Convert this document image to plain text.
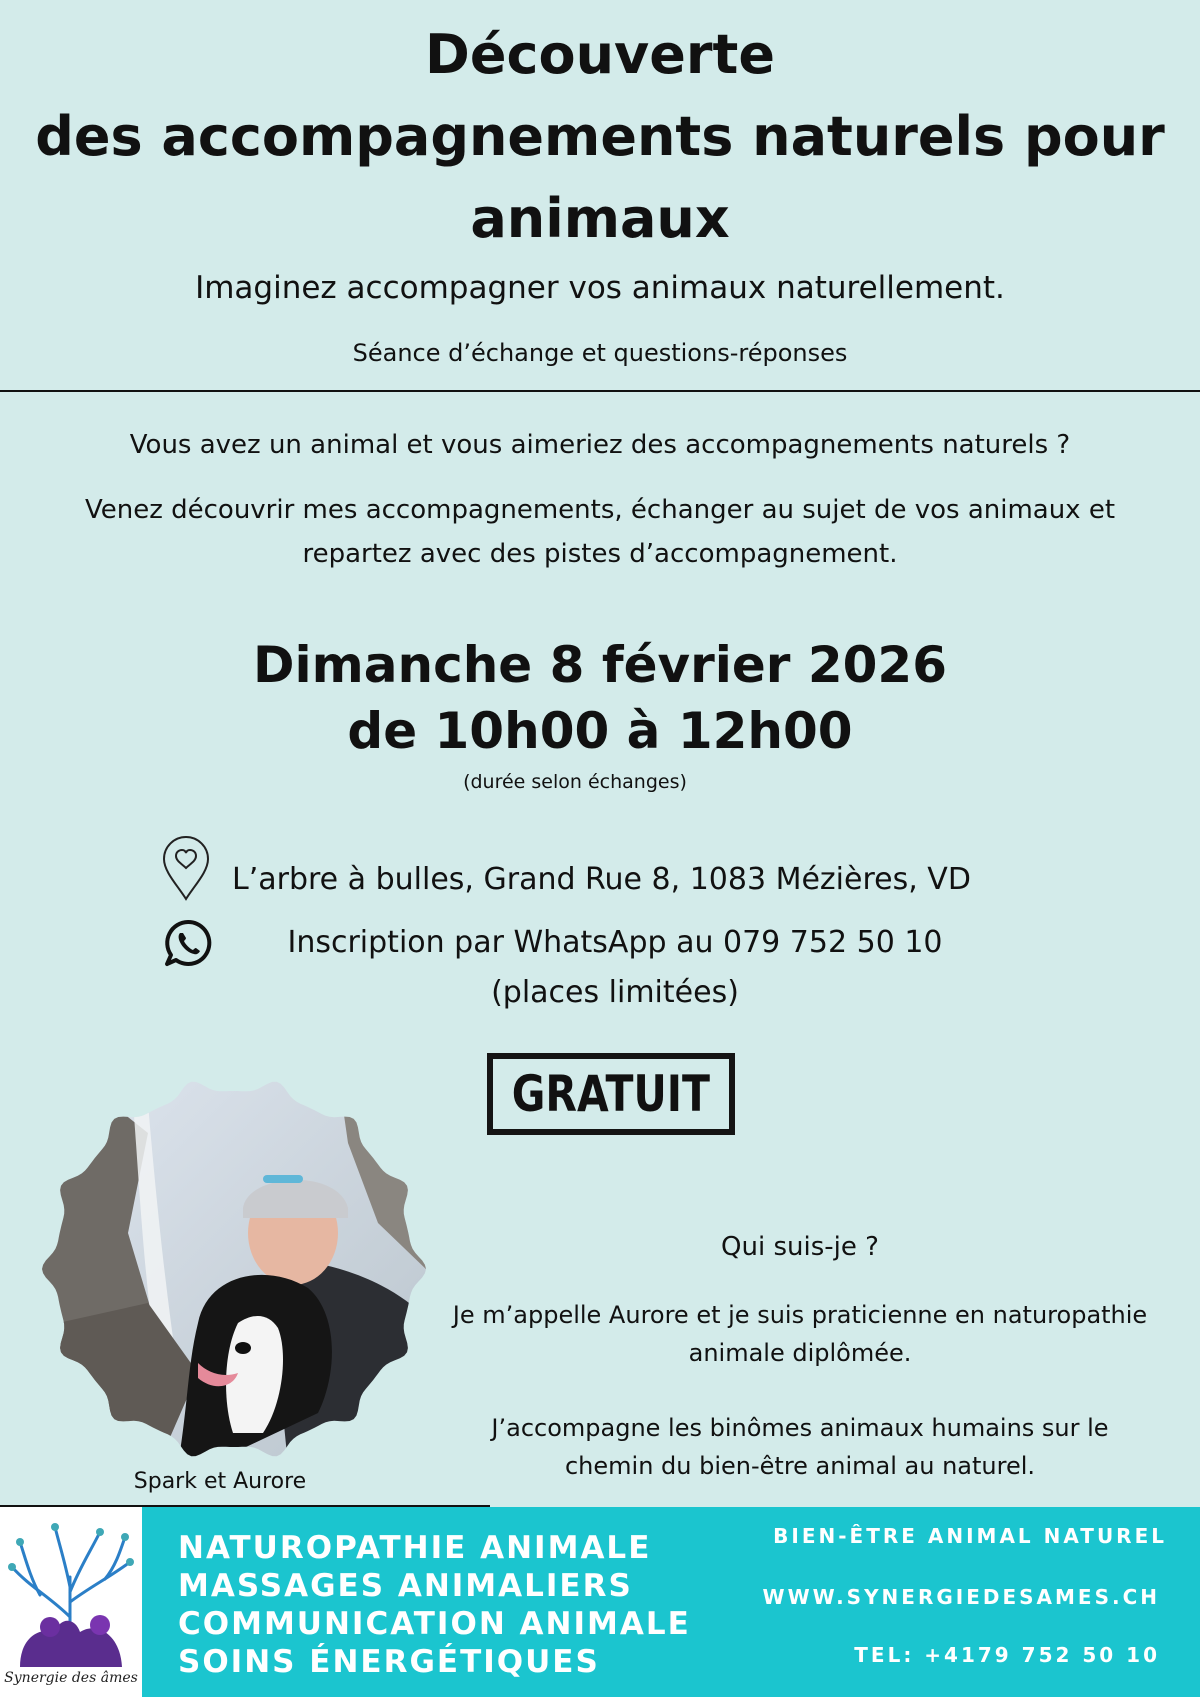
Découverte
des accompagnements naturels pour
animaux
Imaginez accompagner vos animaux naturellement.
Séance d’échange et questions-réponses
Vous avez un animal et vous aimeriez des accompagnements naturels ?
Venez découvrir mes accompagnements, échanger au sujet de vos animaux et repartez avec des pistes d’accompagnement.
Dimanche 8 février 2026
de 10h00 à 12h00
(durée selon échanges)
L’arbre à bulles, Grand Rue 8, 1083 Mézières, VD
Inscription par WhatsApp au 079 752 50 10
(places limitées)
GRATUIT
Spark et Aurore
Qui suis-je ?
Je m’appelle Aurore et je suis praticienne en naturopathie animale diplômée.
J’accompagne les binômes animaux humains sur le chemin du bien-être animal au naturel.
Synergie des âmes
NATUROPATHIE ANIMALE
MASSAGES ANIMALIERS
COMMUNICATION ANIMALE
SOINS ÉNERGÉTIQUES
BIEN-ÊTRE ANIMAL NATUREL
WWW.SYNERGIEDESAMES.CH
TEL: +4179 752 50 10
